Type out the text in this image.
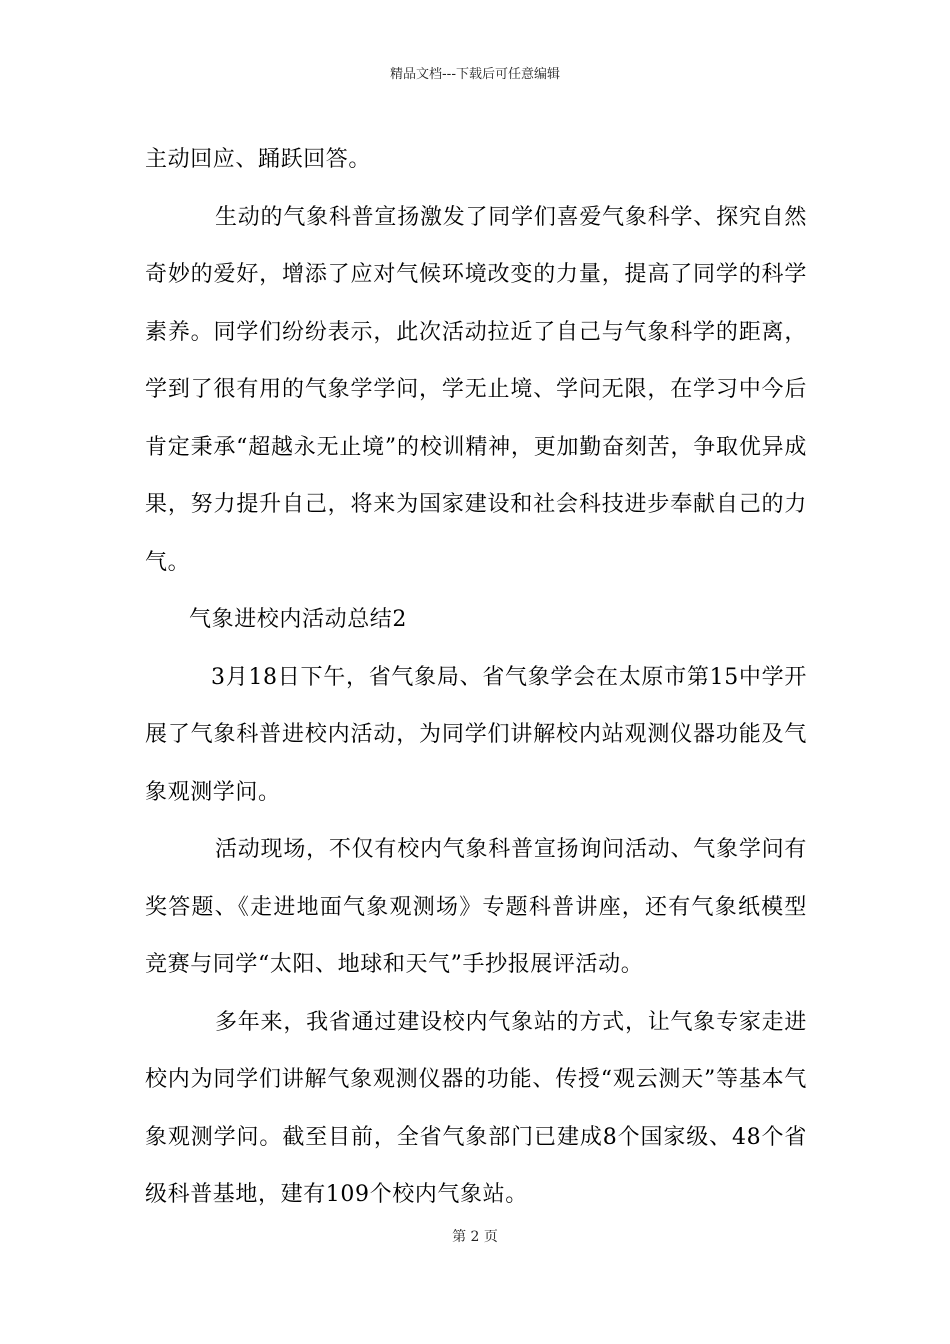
精品文档---下载后可任意编辑

主动回应、踊跃回答。

生动的气象科普宣扬激发了同学们喜爱气象科学、探究自然奇妙的爱好，增添了应对气候环境改变的力量，提高了同学的科学素养。同学们纷纷表示，此次活动拉近了自己与气象科学的距离，学到了很有用的气象学学问，学无止境、学问无限，在学习中今后肯定秉承“超越永无止境”的校训精神，更加勤奋刻苦，争取优异成果，努力提升自己，将来为国家建设和社会科技进步奉献自己的力气。

气象进校内活动总结2

3月18日下午，省气象局、省气象学会在太原市第15中学开展了气象科普进校内活动，为同学们讲解校内站观测仪器功能及气象观测学问。

活动现场，不仅有校内气象科普宣扬询问活动、气象学问有奖答题、《走进地面气象观测场》专题科普讲座，还有气象纸模型竞赛与同学“太阳、地球和天气”手抄报展评活动。

多年来，我省通过建设校内气象站的方式，让气象专家走进校内为同学们讲解气象观测仪器的功能、传授“观云测天”等基本气象观测学问。截至目前，全省气象部门已建成8个国家级、48个省级科普基地，建有109个校内气象站。

第 2 页
